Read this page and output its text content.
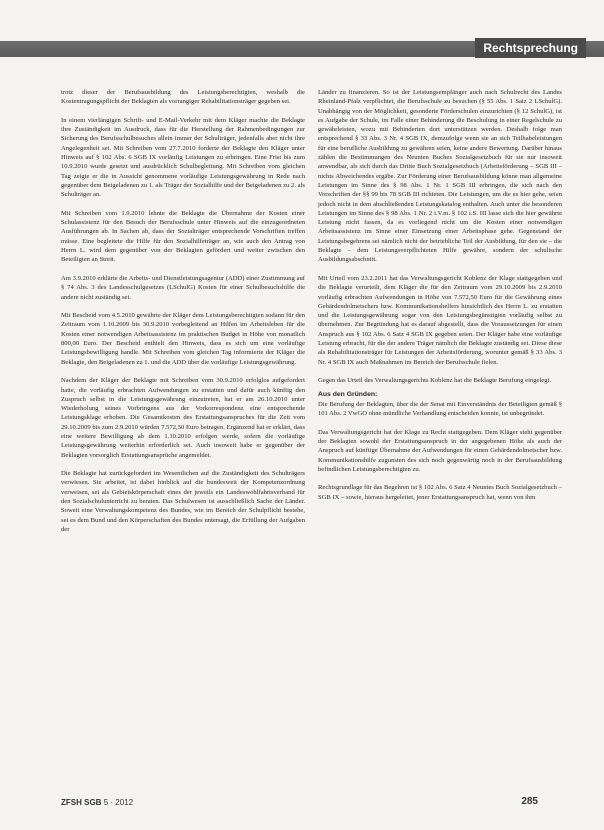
Rechtsprechung

trotz dieser der Berufsausbildung des Leistungsberechtigten, weshalb die Kostentragungspflicht der Beklagten als vorrangiger Rehabilitationsträger gegeben sei.

In einem vierlängigen Schrift- und E-Mail-Verkehr mit dem Kläger machte die Beklagte ihre Zuständigkeit im Ausdruck, dass für die Herstellung der Rahmenbedingungen zur Sicherung des Berufsschulbesuches allein immer der Schulträger, jedenfalls aber nicht ihre Angelegenheit sei. Mit Schreiben vom 27.7.2010 forderte der Beklagte den Kläger unter Hinweis auf § 102 Abs. 6 SGB IX vorläufig Leistungen zu erbringen. Eine Frist bis zum 10.9.2010 wurde gesetzt und ausdrücklich Schulbegleitung. Mit Schreiben vom gleichen Tag zeigte er die in Aussicht genommene vorläufige Leistungsgewährung in Rede nach gegenüber dem Beigeladenen zu 1. als Träger der Sozialhilfe und der Beigeladenen zu 2. als Schulträger an.

Mit Schreiben vom 1.9.2010 lehnte die Beklagte die Übernahme der Kosten einer Schulassistenz für den Besuch der Berufsschule unter Hinweis auf die einzugeordneten Ausführungen ab. In Sachen ab, dass der Sozialträger entsprechende Vorschriften treffen müsse. Eine begleitete die Hilfe für den Sozialhilfeträger an, wie auch den Antrag von Herrn L. wird dem gegenüber von der Beklagten gefördert und weiter zwischen den Beteiligten an Streit.

Am 3.9.2010 erklärte die Arbeits- und Dienstleistungsagentur (ADD) einer Zustimmung auf § 74 Abs. 3 des Landesschulgesetzes (LSchulG) Kosten für einer Schulbesuchshilfe die andere nicht zuständig sei.

Mit Bescheid vom 4.5.2010 gewährte der Kläger dem Leistungsberechtigten sodann für den Zeitraum vom 1.10.2009 bis 30.9.2010 vorbegleitend an Hilfen im Arbeitsleben für die Kosten einer notwendigen Arbeitsassistenz im praktischen Budget in Höhe von monatlich 800,00 Euro. Der Bescheid enthielt den Hinweis, dass es sich um eine vorläufige Leistungsbewilligung handle. Mit Schreiben vom gleichen Tag informierte der Kläger die Beklagte, den Beigeladenen zu 1. und die ADD über die vorläufige Leistungsgewährung.

Nachdem der Kläger der Beklagte mit Schreiben vom 30.9.2010 erfolglos aufgefordert hatte, die vorläufig erbrachten Aufwendungen zu erstatten und dafür auch künftig den Zuspruch selbst in die Leistungsgewährung einzutreten, hat er am 26.10.2010 unter Wiederholung seines Vorbringens aus der Vorkorrespondenz eine entsprechende Leistungsklage erhoben. Die Gesamtkosten des Erstattungsanspruches für die Zeit vom 29.10.2009 bis zum 2.9.2010 würden 7.572,50 Euro betragen. Ergänzend hat er erklärt, dass eine weitere Bewilligung ab dem 1.10.2010 erfolgen werde, sofern die vorläufige Leistungsgewährung weiterhin erforderlich sei. Auch insoweit habe er gegenüber der Beklagten vorsorglich Erstattungsansprüche angemeldet.

Die Beklagte hat zurückgefordert im Wesentlichen auf die Zuständigkeit des Schulträgers verwiesen. Sie arbeitet, ist dabei hinblick auf die bundesweit der Kompetenzordnung verweisen, sei als Gebietskörperschaft eines der jeweils ein Landeswohlfahrtsverband für den Sozialschulunterricht zu beraten. Das Schulwesen ist ausschließlich Sache der Länder. Soweit eine Verwaltungskompetenz des Bundes, wie im Bereich der Schulpflicht bestehe, sei es dem Bund und den Körperschaften des Bundes untersagt, die Erfüllung der Aufgaben der

Länder zu finanzieren. So ist der Leistungsempfänger auch nach Schulrecht des Landes Rheinland-Pfalz verpflichtet, die Berufsschule zu besuchen (§ 55 Abs. 1 Satz 2 LSchulG). Unabhängig von der Möglichkeit, gesonderte Förderschulen einzurichten (§ 12 SchulG), ist es Aufgabe der Schule, im Falle einer Behinderung die Beschulung in einer Regelschule zu gewährleisten, wozu mit Behinderten dort unterstützen werden. Deshalb folge man entsprechend § 33 Abs. 3 Nr. 4 SGB IX, demzufolge wenn sie an sich Teilhabeleistungen für eine berufliche Ausbildung zu gewähren seien, keine andere Bewertung. Darüber hinaus zählen die Bestimmungen des Neunten Buches Sozialgesetzbuch für sie nur insoweit anwendbar, als sich durch das Dritte Buch Sozialgesetzbuch (Arbeitsförderung – SGB III – nichts Abweichendes ergäbe. Zur Förderung einer Berufsausbildung könne man allgemeine Leistungen im Sinne des § 98 Abs. 1 Nr. 1 SGB III erbringen, die sich nach den Vorschriften der §§ 99 bis 78 SGB III richteten. Die Leistungen, um die es hier gehe, seien jedoch nicht in dem abschließenden Leistungskatalog enthalten. Auch unter die besonderen Leistungen im Sinne des § 98 Abs. 1 Nr. 2 i.V.m. § 102 i.S. III lasse sich die hier gewährte Leistung nicht fassen, da es vorliegend nicht um die Kosten einer notwendigen Arbeitsassistenz im Sinne einer Einsetzung einer Arbeitsphase gehe. Gegenstand der Leistungsbegehrens sei nämlich nicht der betriebliche Teil der Ausbildung, für den sie – die Beklagte – dem Leistungsverpflichteten Hilfe gewähre, sondern der schulische Ausbildungsabschnitt.

Mit Urteil vom 23.2.2011 hat das Verwaltungsgericht Koblenz der Klage stattgegeben und die Beklagte verurteilt, dem Kläger die für den Zeitraum vom 29.10.2009 bis 2.9.2010 vorläufig erbrachten Aufwendungen in Höhe von 7.572,50 Euro für die Gewährung eines Gebärdendolmetschers bzw. Kommunikationshelfers hinsichtlich des Herrn L. zu erstatten und die Leistungsgewährung sogar von den Leistungsbegünstigten vorläufig selbst zu übernehmen. Zur Begründung hat es darauf abgestellt, dass die Voraussetzungen für einen Anspruch aus § 102 Abs. 6 Satz 4 SGB IX gegeben seien. Der Kläger habe eine vorläufige Leistung erbracht, für die der andere Träger nämlich die Beklagte zuständig sei. Diese diese als Rehabilitationsträger für Leistungen der Arbeitsförderung, worunter gemäß § 33 Abs. 3 Nr. 4 SGB IX auch Maßnahmen im Bereich der Berufsschule fielen.

Gegen das Urteil des Verwaltungsgerichts Koblenz hat die Beklagte Berufung eingelegt.

Aus den Gründen:

Die Berufung der Beklagten, über die der Senat mit Einverständnis der Beteiligten gemäß § 101 Abs. 2 VwGO ohne mündliche Verhandlung entscheiden konnte, ist unbegründet.

Das Verwaltungsgericht hat der Klage zu Recht stattgegeben. Dem Kläger steht gegenüber der Beklagten sowohl der Erstattungsanspruch in der angegebenen Höhe als auch der Anspruch auf künftige Übernahme der Aufwendungen für einen Gebärdendolmetscher bzw. Kommunikationshilfe zugunsten des sich noch gegenwärtig noch in der Berufsausbildung befindlichen Leistungsberechtigten zu.

Rechtsgrundlage für das Begehren ist § 102 Abs. 6 Satz 4 Neuntes Buch Sozialgesetzbuch – SGB IX – sowie, hieraus hergeleitet, jener Erstattungsanspruch hat, wenn von ihm

ZFSH SGB 5 · 2012	285
